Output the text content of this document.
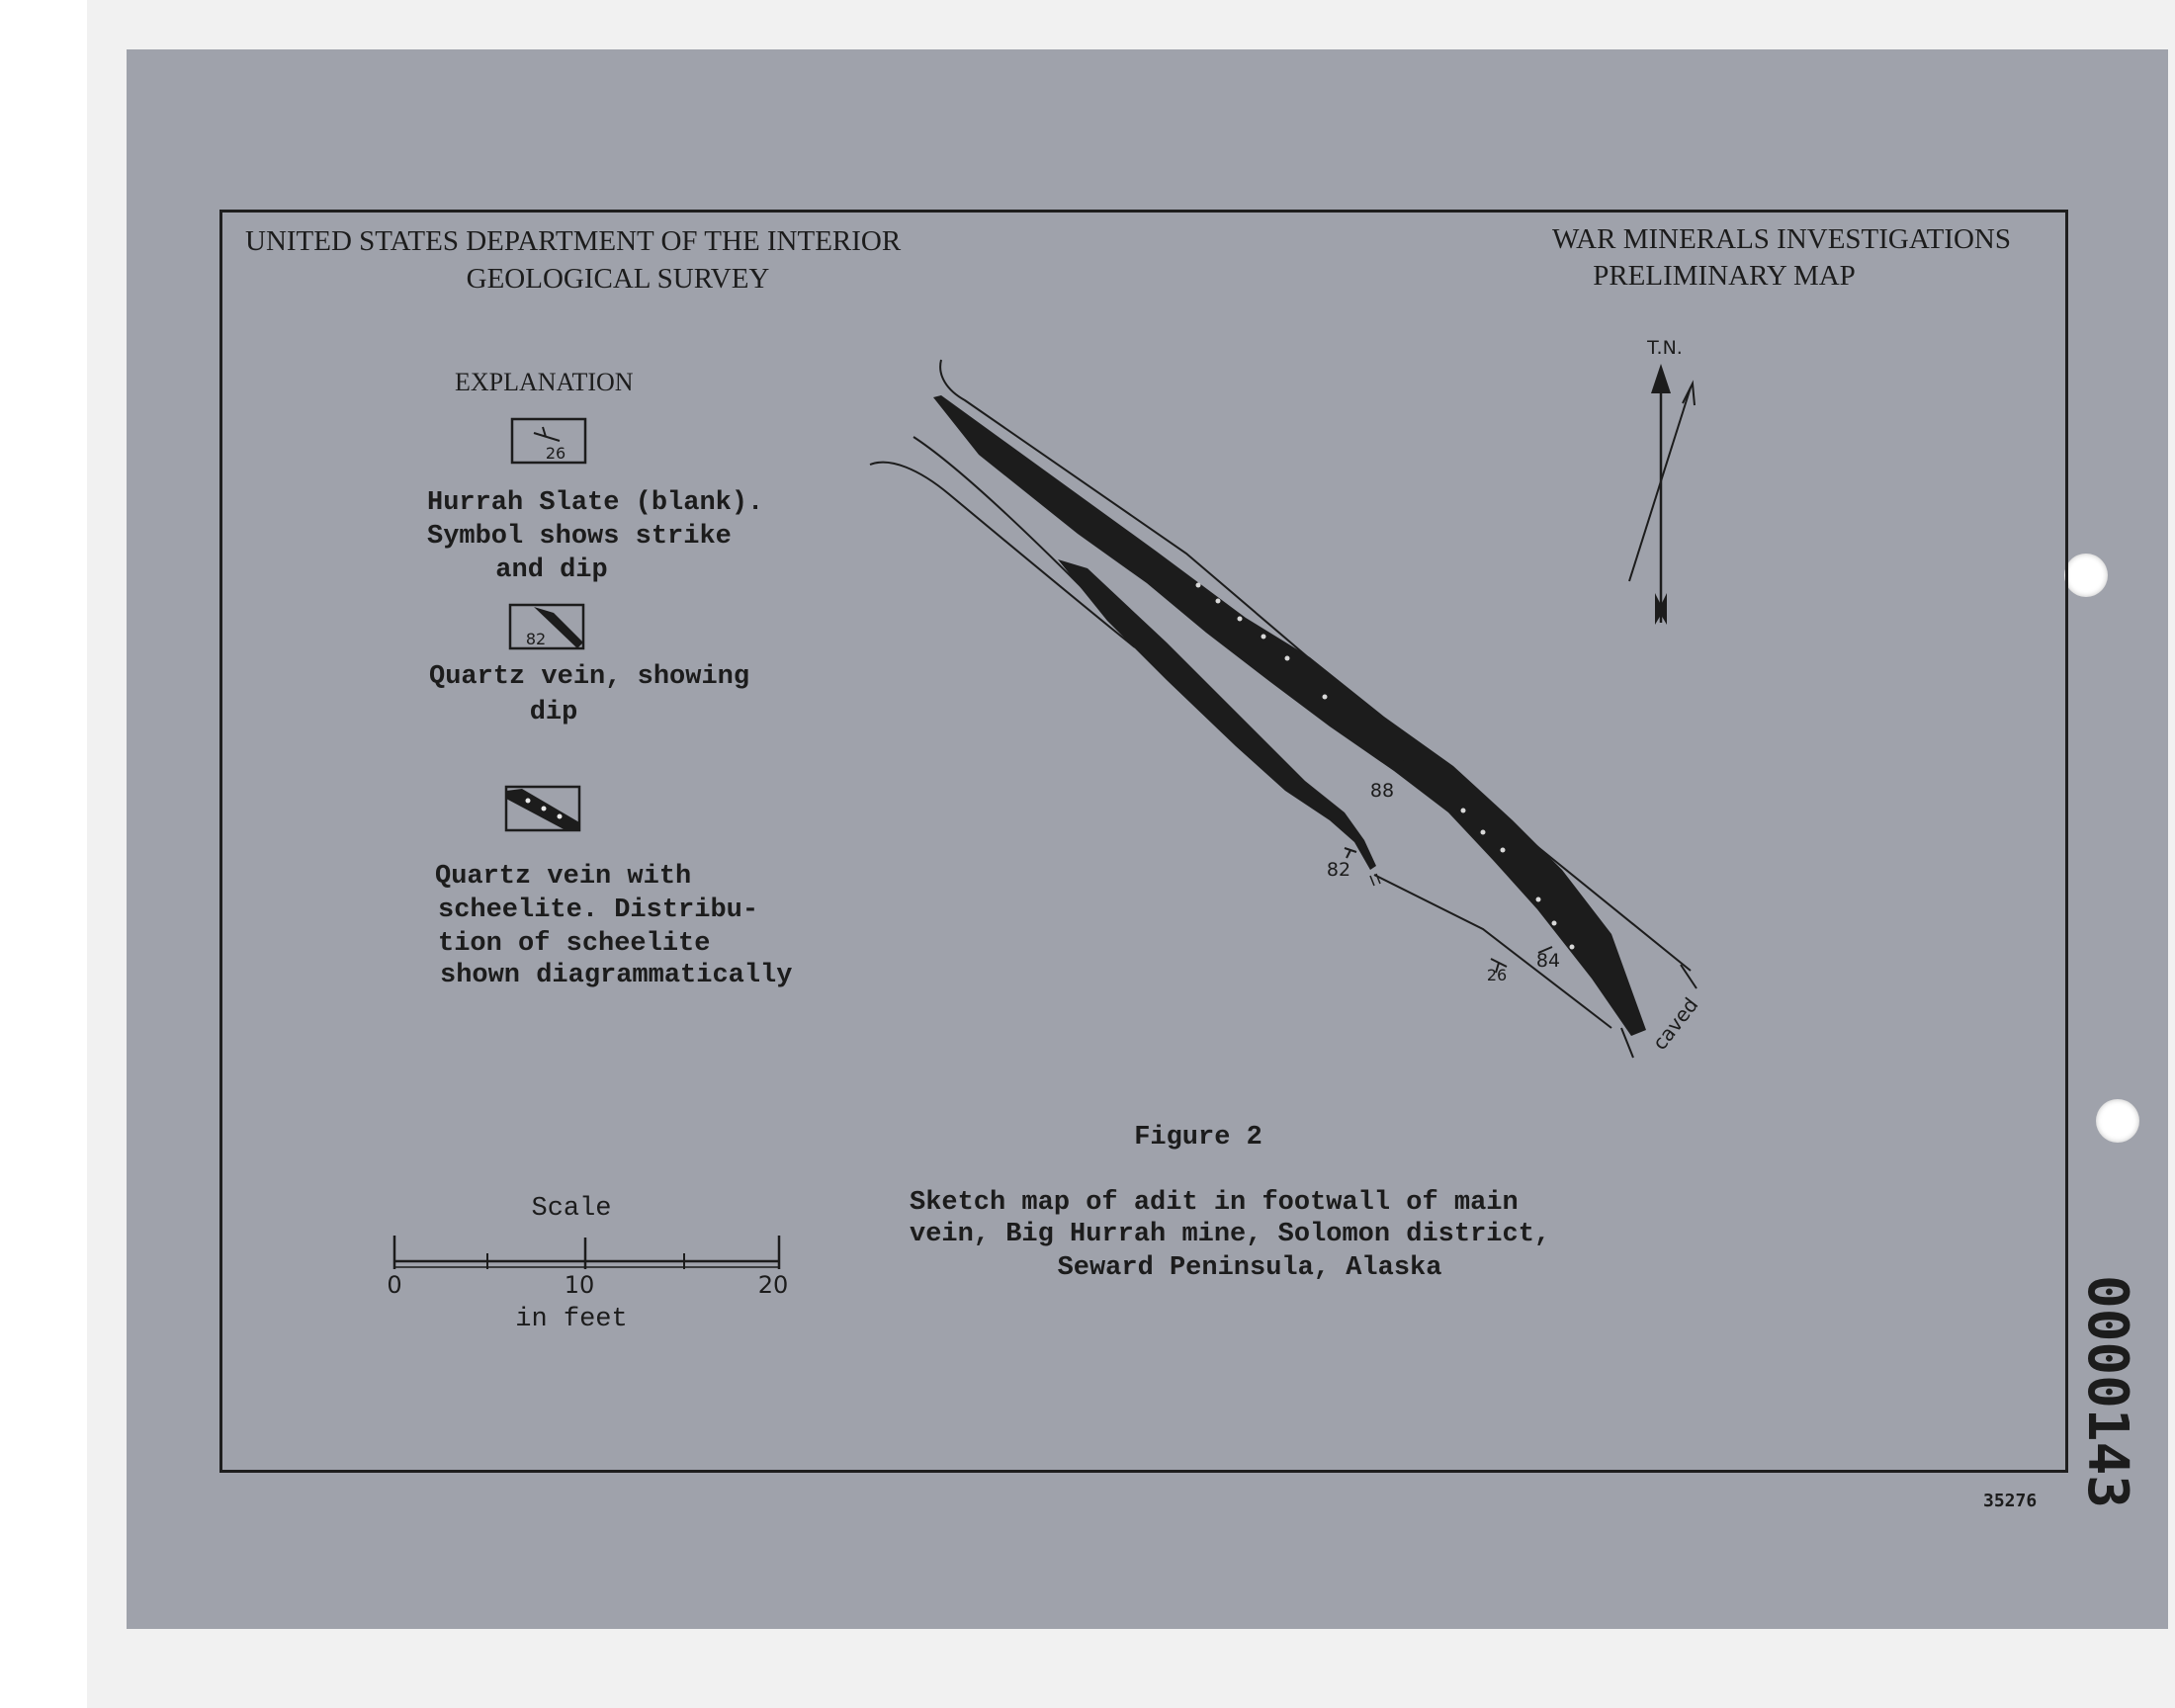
UNITED STATES DEPARTMENT OF THE INTERIOR
GEOLOGICAL SURVEY
WAR MINERALS INVESTIGATIONS
PRELIMINARY MAP
EXPLANATION
26
82
88
82
84
26
caved
T.N.
Hurrah Slate (blank).
Symbol shows strike
and dip
Quartz vein, showing
dip
Quartz vein with
scheelite. Distribu-
tion of scheelite
shown diagrammatically
Scale
0	10	20
in feet
Figure 2
Sketch map of adit in footwall of main
vein, Big Hurrah mine, Solomon district,
Seward Peninsula, Alaska
35276
